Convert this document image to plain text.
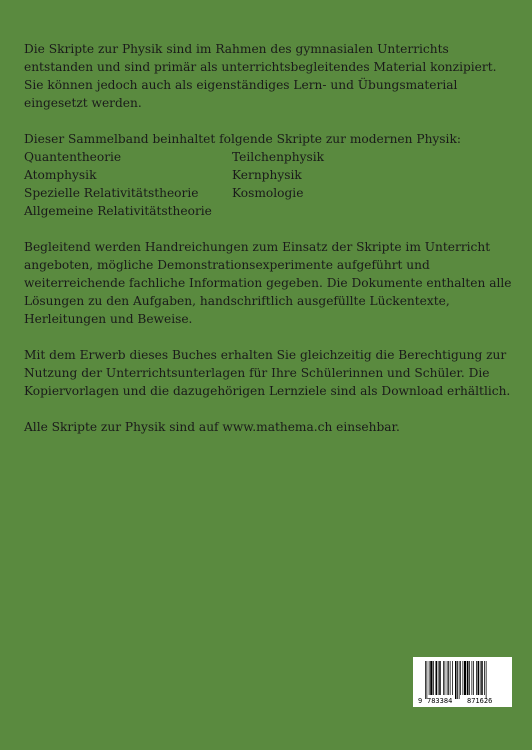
Die Skripte zur Physik sind im Rahmen des gymnasialen Unterrichts entstanden und sind primär als unterrichtsbegleitendes Material konzipiert. Sie können jedoch auch als eigenständiges Lern- und Übungsmaterial eingesetzt werden.

Dieser Sammelband beinhaltet folgende Skripte zur modernen Physik:

Quantentheorie
Atomphysik
Spezielle Relativitätstheorie
Allgemeine Relativitätstheorie
Teilchenphysik
Kernphysik
Kosmologie

Begleitend werden Handreichungen zum Einsatz der Skripte im Unterricht angeboten, mögliche Demonstrationsexperimente aufgeführt und weiterreichende fachliche Information gegeben. Die Dokumente enthalten alle Lösungen zu den Aufgaben, handschriftlich ausgefüllte Lückentexte, Herleitungen und Beweise.

Mit dem Erwerb dieses Buches erhalten Sie gleichzeitig die Berechtigung zur Nutzung der Unterrichtsunterlagen für Ihre Schülerinnen und Schüler. Die Kopiervorlagen und die dazugehörigen Lernziele sind als Download erhältlich.

Alle Skripte zur Physik sind auf www.mathema.ch einsehbar.

9 783384 871626
